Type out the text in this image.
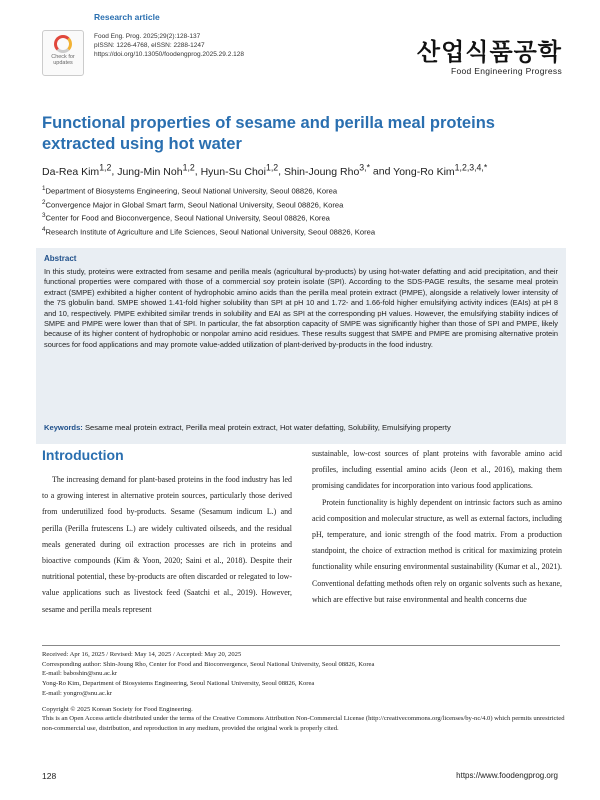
Check for
updates
Research article
Food Eng. Prog. 2025;29(2):128-137
pISSN: 1226-4768, eISSN: 2288-1247
https://doi.org/10.13050/foodengprog.2025.29.2.128	산업식품공학
Food Engineering Progress
Functional properties of sesame and perilla meal proteins extracted using hot water
Da-Rea Kim$^{1,2}$, Jung-Min Noh$^{1,2}$, Hyun-Su Choi$^{1,2}$, Shin-Joung Rho$^{3,*}$ and Yong-Ro Kim$^{1,2,3,4,*}$
$^1$Department of Biosystems Engineering, Seoul National University, Seoul 08826, Korea
$^2$Convergence Major in Global Smart farm, Seoul National University, Seoul 08826, Korea
$^3$Center for Food and Bioconvergence, Seoul National University, Seoul 08826, Korea
$^4$Research Institute of Agriculture and Life Sciences, Seoul National University, Seoul 08826, Korea
Abstract

In this study, proteins were extracted from sesame and perilla meals (agricultural by-products) by using hot-water defatting and acid precipitation, and their functional properties were compared with those of a commercial soy protein isolate (SPI). According to the SDS-PAGE results, the sesame meal protein extract (SMPE) exhibited a higher content of hydrophobic amino acids than the perilla meal protein extract (PMPE), alongside a relatively lower intensity of the 7S globulin band. SMPE showed 1.41-fold higher solubility than SPI at pH 10 and 1.72- and 1.66-fold higher emulsifying activity indices (EAIs) at pH 8 and 10, respectively. PMPE exhibited similar trends in solubility and EAI as SPI at the corresponding pH values. However, the emulsifying stability indices of SMPE and PMPE were lower than that of SPI. In particular, the fat absorption capacity of SMPE was significantly higher than those of SPI and PMPE, likely because of its higher content of hydrophobic or nonpolar amino acid residues. These results suggest that SMPE and PMPE are promising alternative protein sources for food applications and may promote value-added utilization of plant-derived by-products in the food industry.

Keywords: Sesame meal protein extract, Perilla meal protein extract, Hot water defatting, Solubility, Emulsifying property
Introduction

The increasing demand for plant-based proteins in the food industry has led to a growing interest in alternative protein sources, particularly those derived from underutilized food by-products. Sesame (Sesamum indicum L.) and perilla (Perilla frutescens L.) are widely cultivated oilseeds, and the residual meals generated during oil extraction processes are rich in proteins and bioactive compounds (Kim & Yoon, 2020; Saini et al., 2018). Despite their nutritional potential, these by-products are often discarded or relegated to low-value applications such as livestock feed (Saatchi et al., 2019). However, sesame and perilla meals represent

sustainable, low-cost sources of plant proteins with favorable amino acid profiles, including essential amino acids (Jeon et al., 2016), making them promising candidates for incorporation into various food applications.

Protein functionality is highly dependent on intrinsic factors such as amino acid composition and molecular structure, as well as external factors, including pH, temperature, and ionic strength of the food matrix. From a production standpoint, the choice of extraction method is critical for maximizing protein functionality while ensuring environmental sustainability (Kumar et al., 2021). Conventional defatting methods often rely on organic solvents such as hexane, which are effective but raise environmental and health concerns due

Received: Apr 16, 2025 / Revised: May 14, 2025 / Accepted: May 20, 2025
Corresponding author: Shin-Joung Rho, Center for Food and Bioconvergence, Seoul National University, Seoul 08826, Korea
E-mail: baboshin@snu.ac.kr
Yong-Ro Kim, Department of Biosystems Engineering, Seoul National University, Seoul 08826, Korea
E-mail: yongro@snu.ac.kr
Copyright © 2025 Korean Society for Food Engineering.
This is an Open Access article distributed under the terms of the Creative Commons Attribution Non-Commercial License (http://creativecommons.org/licenses/by-nc/4.0) which permits unrestricted non-commercial use, distribution, and reproduction in any medium, provided the original work is properly cited.
128	https://www.foodengprog.org
